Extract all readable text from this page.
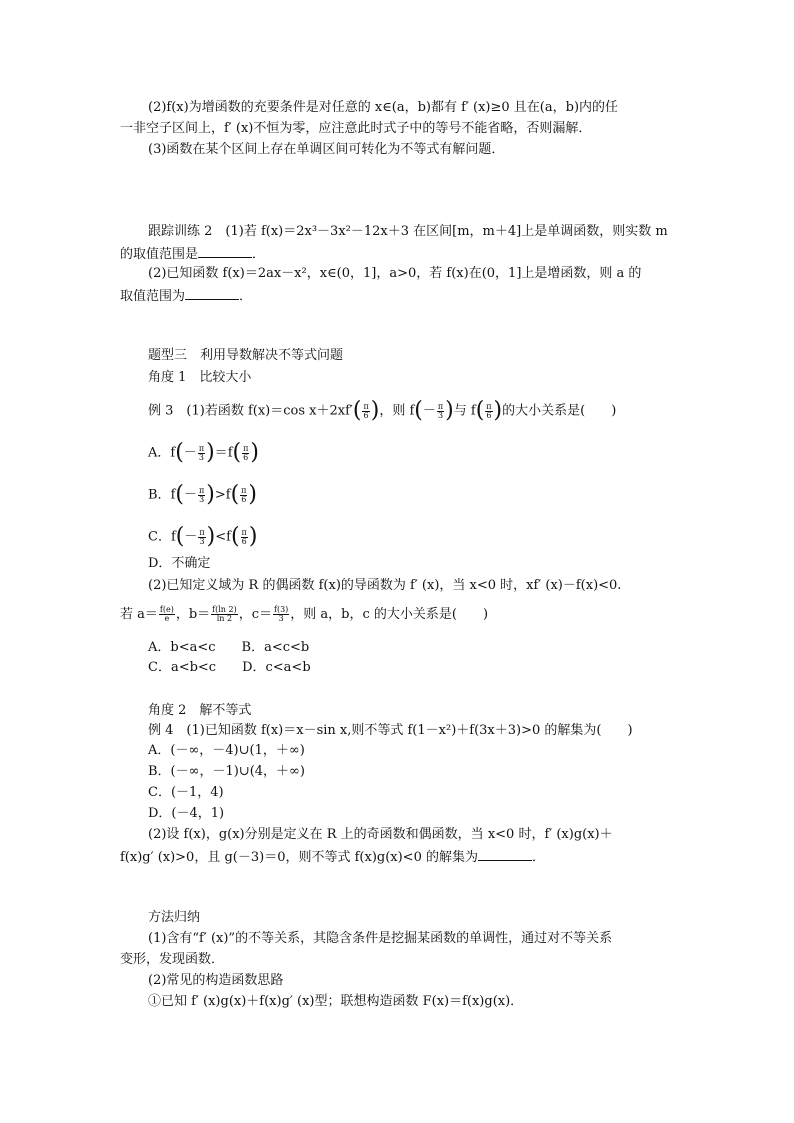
(2)f(x)为增函数的充要条件是对任意的 x∈(a，b)都有 f′ (x)≥0 且在(a，b)内的任
一非空子区间上，f′ (x)不恒为零，应注意此时式子中的等号不能省略，否则漏解．
(3)函数在某个区间上存在单调区间可转化为不等式有解问题．
跟踪训练 2　(1)若 f(x)＝2x³－3x²－12x＋3 在区间[m，m＋4]上是单调函数，则实数 m
的取值范围是	．
(2)已知函数 f(x)＝2ax－x²，x∈(0，1]，a>0，若 f(x)在(0，1]上是增函数，则 a 的
取值范围为	．
题型三　利用导数解决不等式问题
角度 1　比较大小
例 3　(1)若函数 f(x)＝cos $x+2xf'( \frac{\pi}{6}$ )，则 $f(- \frac{\pi}{3}$ )与 $f( \frac{\pi}{6}$ )的大小关系是(　　)
A．$f(- \frac{\pi}{3} )=f( \frac{\pi}{6}$ )
B．$f(- \frac{\pi}{3} )>f( \frac{\pi}{6}$ )
C．$f(- \frac{\pi}{3} )<f( \frac{\pi}{6}$ )
D．不确定
(2)已知定义域为 R 的偶函数 f(x)的导函数为 f′ (x)，当 x<0 时，xf′ (x)－f(x)<0.
若 $a= \frac{f(e)}{e}$ ，$b= \frac{f(\ln 2)}{\ln 2}$ ，$c= \frac{f(3)}{3}$ ，则 a，b，c 的大小关系是(　　)
A．b<a<c　　B．a<c<b
C．a<b<c　　D．c<a<b
角度 2　解不等式
例 4　(1)已知函数 f(x)＝x－sin x,则不等式 f(1－x²)＋f(3x＋3)>0 的解集为(　　)
A．(－∞，－4)∪(1，＋∞)
B．(－∞，－1)∪(4，＋∞)
C．(－1，4)
D．(－4，1)
(2)设 f(x)，g(x)分别是定义在 R 上的奇函数和偶函数，当 x<0 时，f′ (x)g(x)＋
f(x)g′ (x)>0，且 g(－3)＝0，则不等式 f(x)g(x)<0 的解集为	．
方法归纳
(1)含有“f′ (x)”的不等关系，其隐含条件是挖掘某函数的单调性，通过对不等关系
变形，发现函数．
(2)常见的构造函数思路
①已知 f′ (x)g(x)＋f(x)g′ (x)型；联想构造函数 F(x)＝f(x)g(x)．
